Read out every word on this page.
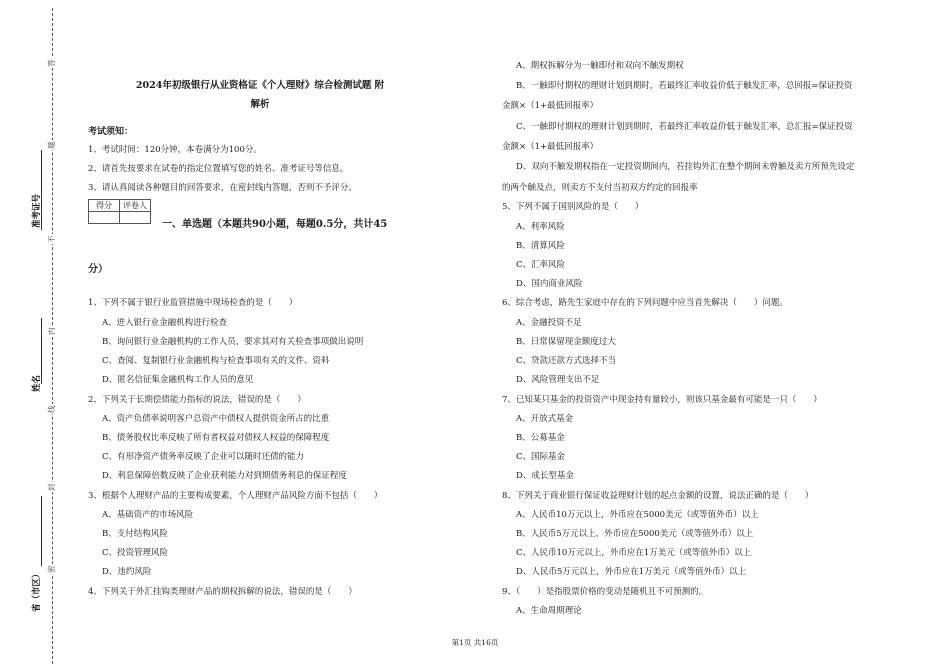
答
题
不
内
线
封
密
准考证号
姓名
省（市区）
2024年初级银行从业资格证《个人理财》综合检测试题 附
解析
考试须知：
1、考试时间：120分钟，本卷满分为100分。
2、请首先按要求在试卷的指定位置填写您的姓名、准考证号等信息。
3、请认真阅读各种题目的回答要求，在密封线内答题，否则不予评分。
得分	评卷人

一、单选题（本题共90小题，每题0.5分，共计45
分）
1、下列不属于银行业监管措施中现场检查的是（　　）
A、进入银行业金融机构进行检查
B、询问银行业金融机构的工作人员，要求其对有关检查事项做出说明
C、查阅、复制银行业金融机构与检查事项有关的文件、资料
D、匿名信征集金融机构工作人员的意见
2、下列关于长期偿债能力指标的说法，错误的是（　　）
A、资产负债率说明客户总资产中债权人提供资金所占的比重
B、债务股权比率反映了所有者权益对债权人权益的保障程度
C、有形净资产债务率反映了企业可以随时还债的能力
D、利息保障倍数反映了企业获利能力对到期债务利息的保证程度
3、根据个人理财产品的主要构成要素，个人理财产品风险方面不包括（　　）
A、基础资产的市场风险
B、支付结构风险
C、投资管理风险
D、违约风险
4、下列关于外汇挂钩类理财产品的期权拆解的说法，错误的是（　　）
A、期权拆解分为一触即付和双向不触发期权
B、一触即付期权的理财计划到期时，若最终汇率收益价低于触发汇率，总回报=保证投资
金额×（1+最低回报率）
C、一触即付期权的理财计划到期时，若最终汇率收益价低于触发汇率，总汇报=保证投资
金额×（1+最低回报率）
D、双向不触发期权指在一定投资期间内，若挂钩外汇在整个期间未曾触及卖方所预先设定
的两个触及点，则卖方不支付当初双方约定的回报率
5、下列不属于国别风险的是（　　）
A、利率风险
B、清算风险
C、汇率风险
D、国内商业风险
6、综合考虑，路先生家庭中存在的下列问题中应当首先解决（　　）问题。
A、金融投资不足
B、日常保留现金额度过大
C、贷款还款方式选择不当
D、风险管理支出不足
7、已知某只基金的投资资产中现金持有量较小，则该只基金最有可能是一只（　　）
A、开放式基金
B、公募基金
C、国际基金
D、成长型基金
8、下列关于商业银行保证收益理财计划的起点金额的设置，说法正确的是（　　）
A、人民币10万元以上，外币应在5000美元（或等值外币）以上
B、人民币5万元以上，外币应在5000美元（或等值外币）以上
C、人民币10万元以上，外币应在1万美元（或等值外币）以上
D、人民币5万元以上，外币应在1万美元（或等值外币）以上
9、（　　）是指股票价格的变动是随机且不可预测的。
A、生命周期理论
第1页 共16页
